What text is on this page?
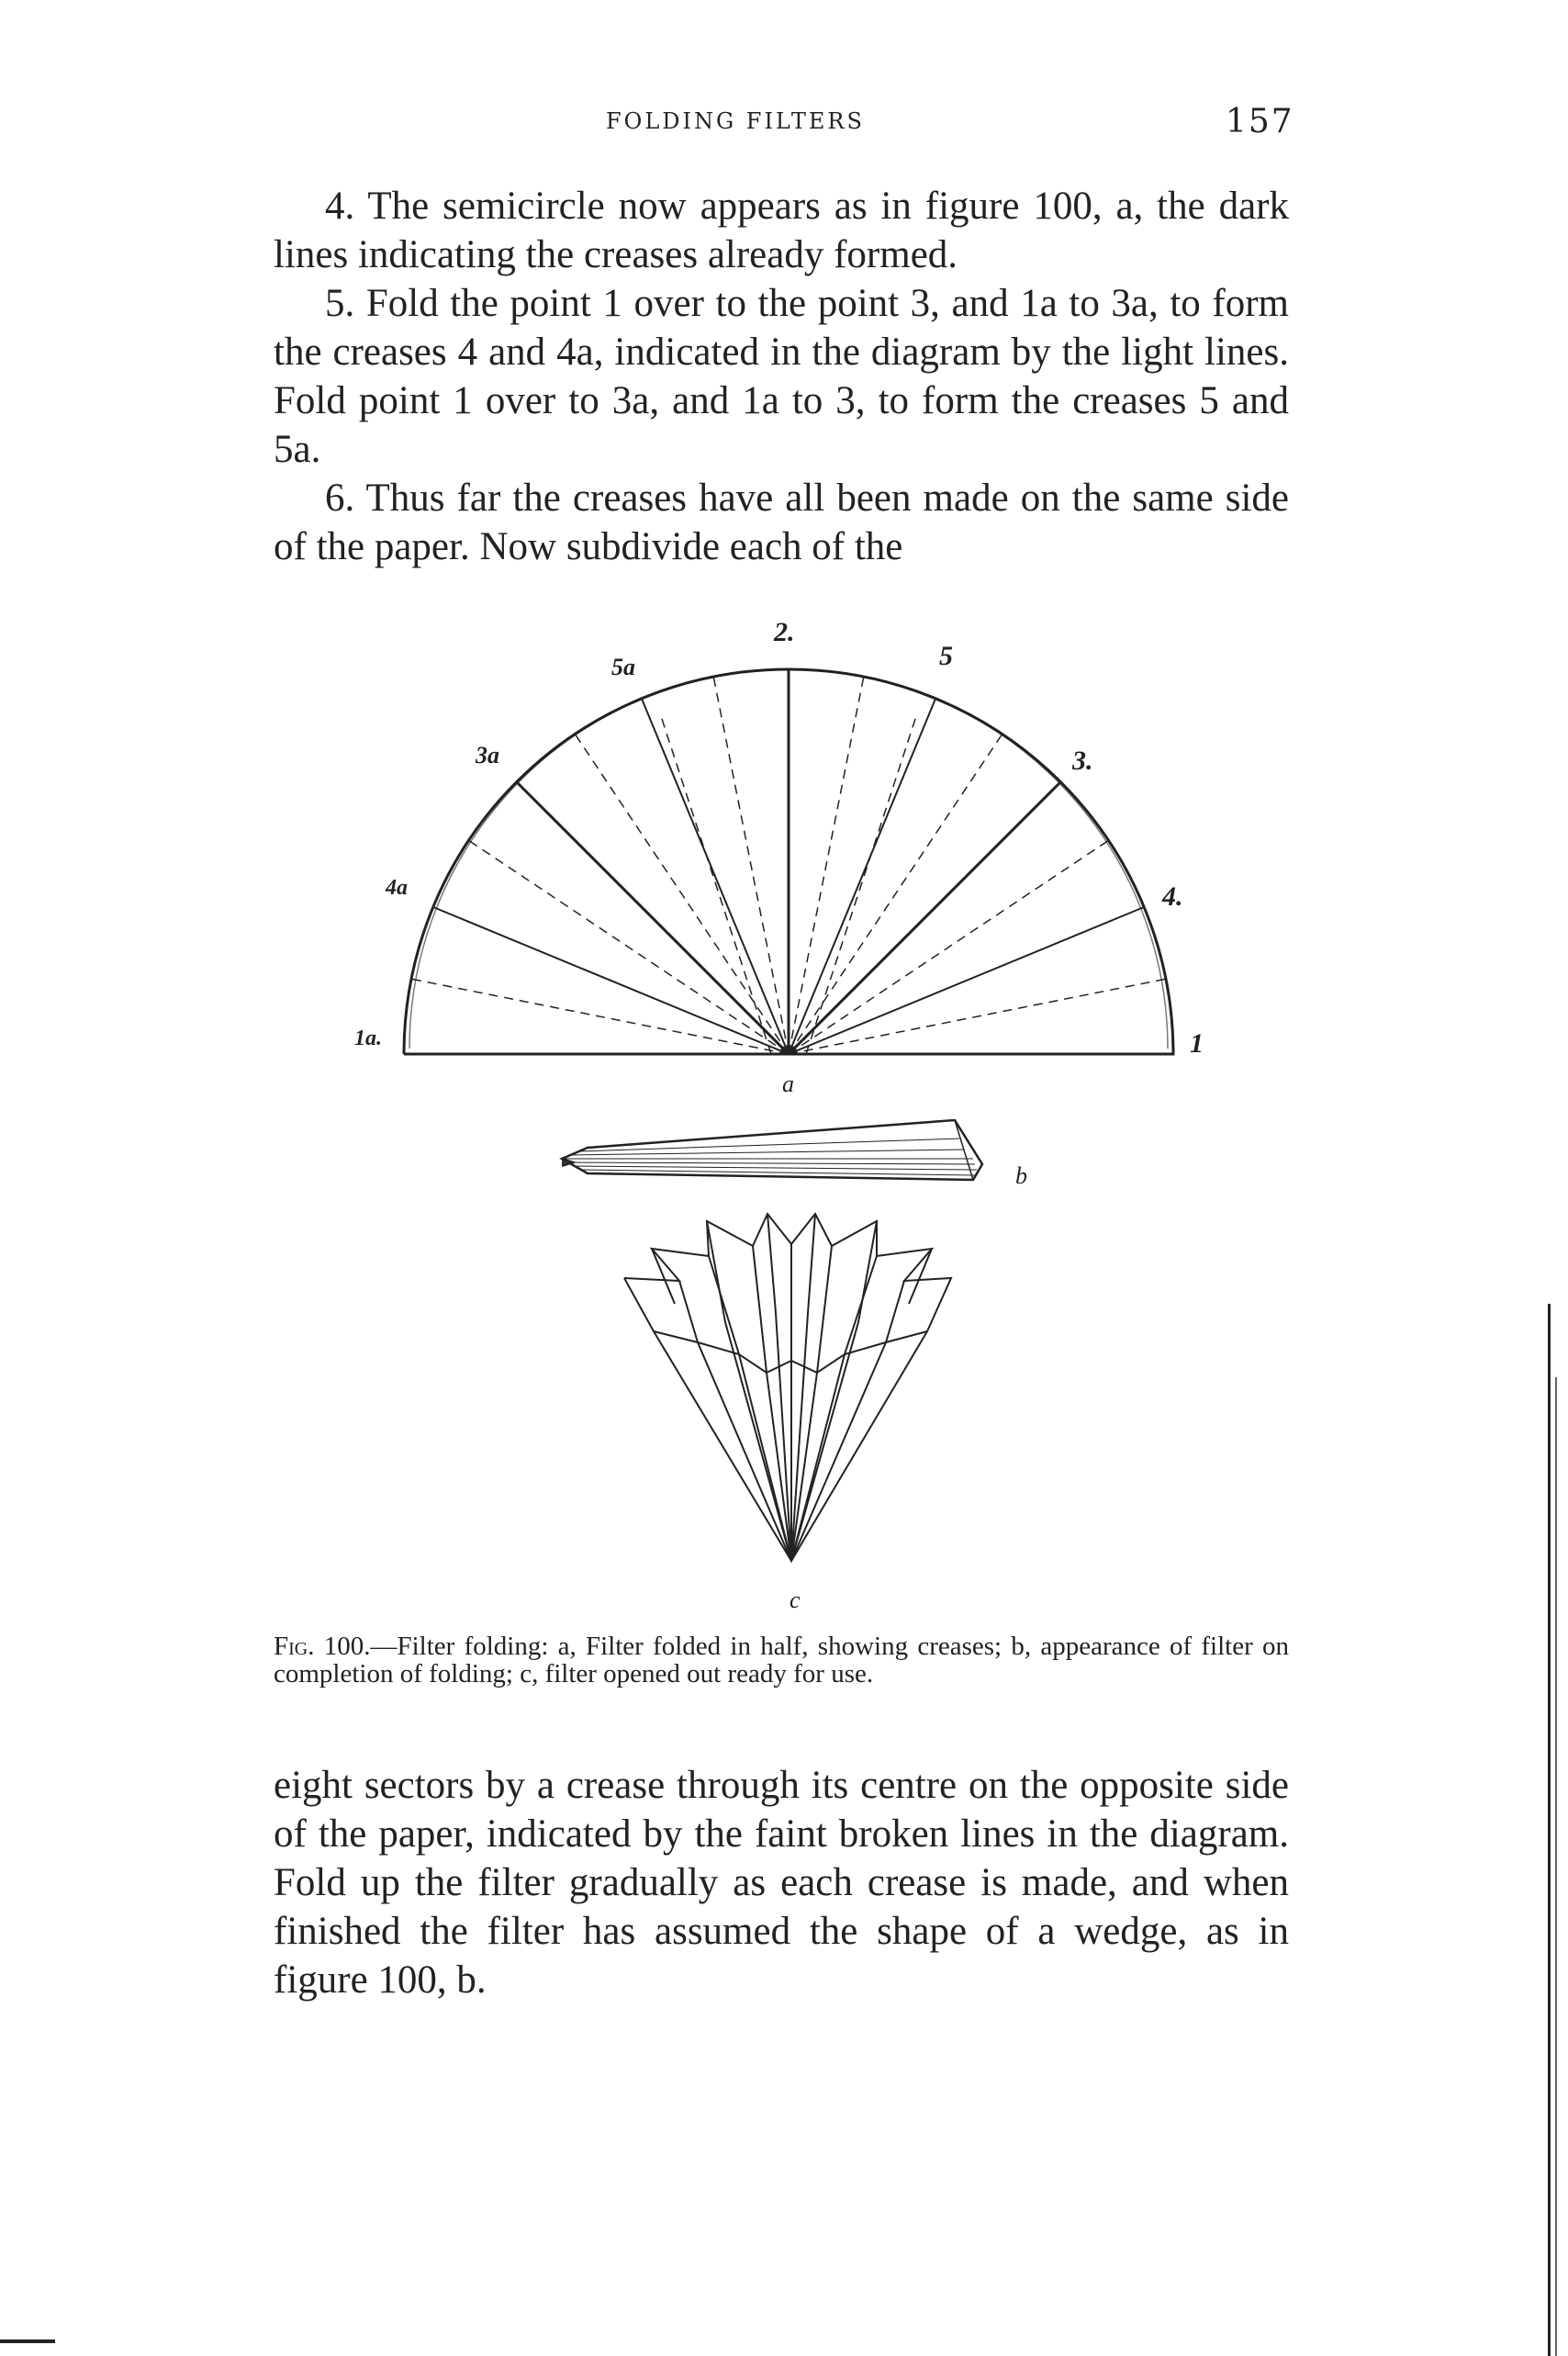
FOLDING FILTERS	157

4. The semicircle now appears as in figure 100, a, the dark lines indicating the creases already formed.

5. Fold the point 1 over to the point 3, and 1a to 3a, to form the creases 4 and 4a, indicated in the diagram by the light lines. Fold point 1 over to 3a, and 1a to 3, to form the creases 5 and 5a.

6. Thus far the creases have all been made on the same side of the paper. Now subdivide each of the

2.
5
5a
3a	3.
4a	4.
1a.	1
a
b
c
Fig. 100.—Filter folding: a, Filter folded in half, showing creases; b, appearance of filter on completion of folding; c, filter opened out ready for use.

eight sectors by a crease through its centre on the opposite side of the paper, indicated by the faint broken lines in the diagram. Fold up the filter gradually as each crease is made, and when finished the filter has assumed the shape of a wedge, as in figure 100, b.
